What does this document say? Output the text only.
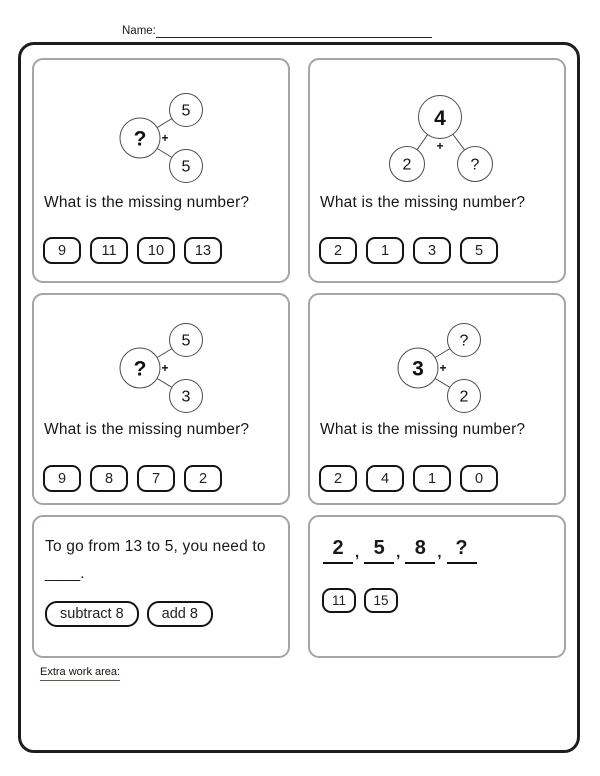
Name:
? +
5
5
What is the missing number?
9	11	10	13
4
+
2	?
What is the missing number?
2	1	3	5
? +
5
3
What is the missing number?
9	8	7	2
3 +
?
2
What is the missing number?
2	4	1	0
To go from 13 to 5, you need to
____.
subtract 8	add 8
2 , 5 , 8 , ?
11	15
Extra work area:
